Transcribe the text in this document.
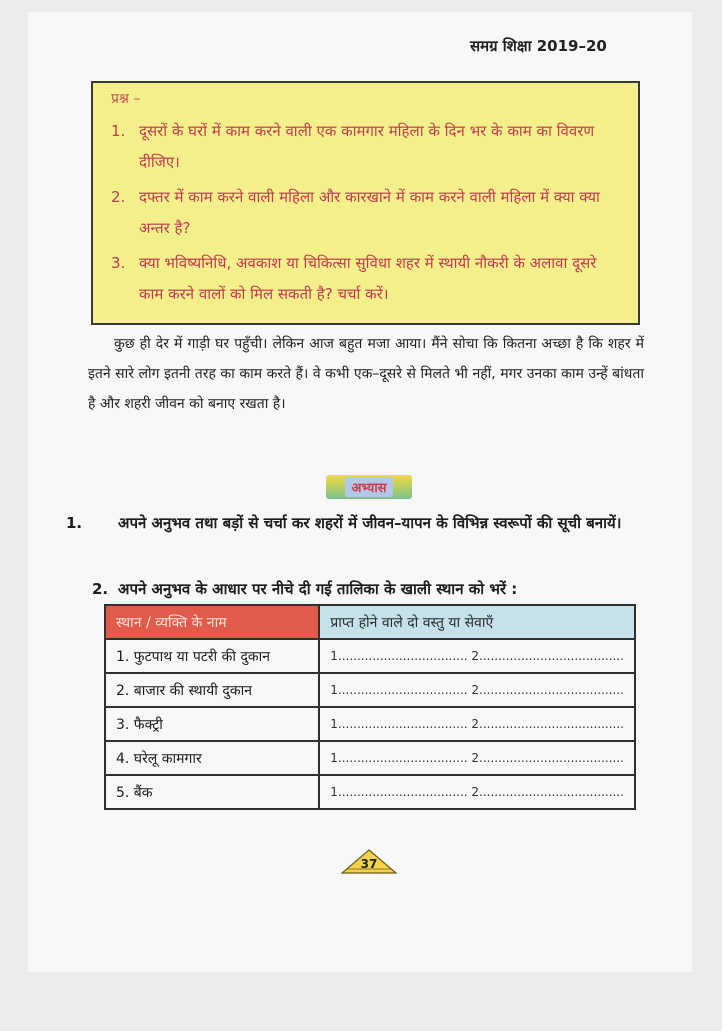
समग्र शिक्षा 2019–20
प्रश्न –
1. दूसरों के घरों में काम करने वाली एक कामगार महिला के दिन भर के काम का विवरण दीजिए।
2. दफ्तर में काम करने वाली महिला और कारखाने में काम करने वाली महिला में क्या क्या अन्तर है?
3. क्या भविष्यनिधि, अवकाश या चिकित्सा सुविधा शहर में स्थायी नौकरी के अलावा दूसरे काम करने वालों को मिल सकती है? चर्चा करें।
कुछ ही देर में गाड़ी घर पहुँची। लेकिन आज बहुत मजा आया। मैंने सोचा कि कितना अच्छा है कि शहर में इतने सारे लोग इतनी तरह का काम करते हैं। वे कभी एक–दूसरे से मिलते भी नहीं, मगर उनका काम उन्हें बांधता है और शहरी जीवन को बनाए रखता है।
अभ्यास
1. अपने अनुभव तथा बड़ों से चर्चा कर शहरों में जीवन–यापन के विभिन्न स्वरूपों की सूची बनायें।
2. अपने अनुभव के आधार पर नीचे दी गई तालिका के खाली स्थान को भरें :
स्थान / व्यक्ति के नाम	प्राप्त होने वाले दो वस्तु या सेवाएँ
1. फुटपाथ या पटरी की दुकान	1.................................. 2......................................
2. बाजार की स्थायी दुकान	1.................................. 2......................................
3. फैक्ट्री	1.................................. 2......................................
4. घरेलू कामगार	1.................................. 2......................................
5. बैंक	1.................................. 2......................................
37
